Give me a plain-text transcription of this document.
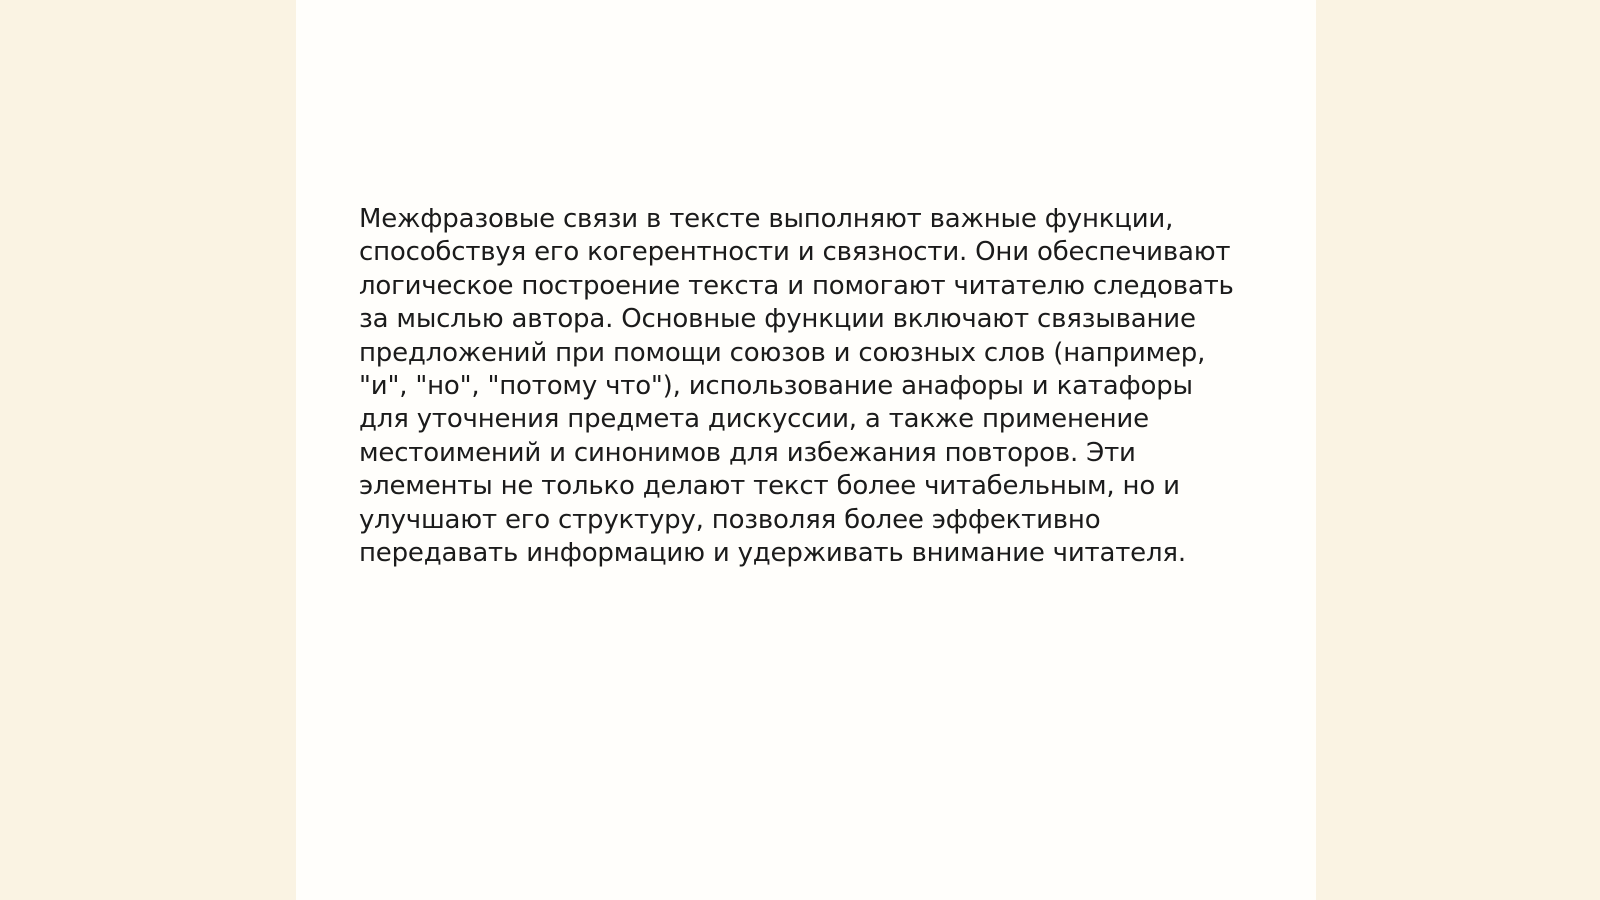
Межфразовые связи в тексте выполняют важные функции,
способствуя его когерентности и связности. Они обеспечивают
логическое построение текста и помогают читателю следовать
за мыслью автора. Основные функции включают связывание
предложений при помощи союзов и союзных слов (например,
"и", "но", "потому что"), использование анафоры и катафоры
для уточнения предмета дискуссии, а также применение
местоимений и синонимов для избежания повторов. Эти
элементы не только делают текст более читабельным, но и
улучшают его структуру, позволяя более эффективно
передавать информацию и удерживать внимание читателя.
